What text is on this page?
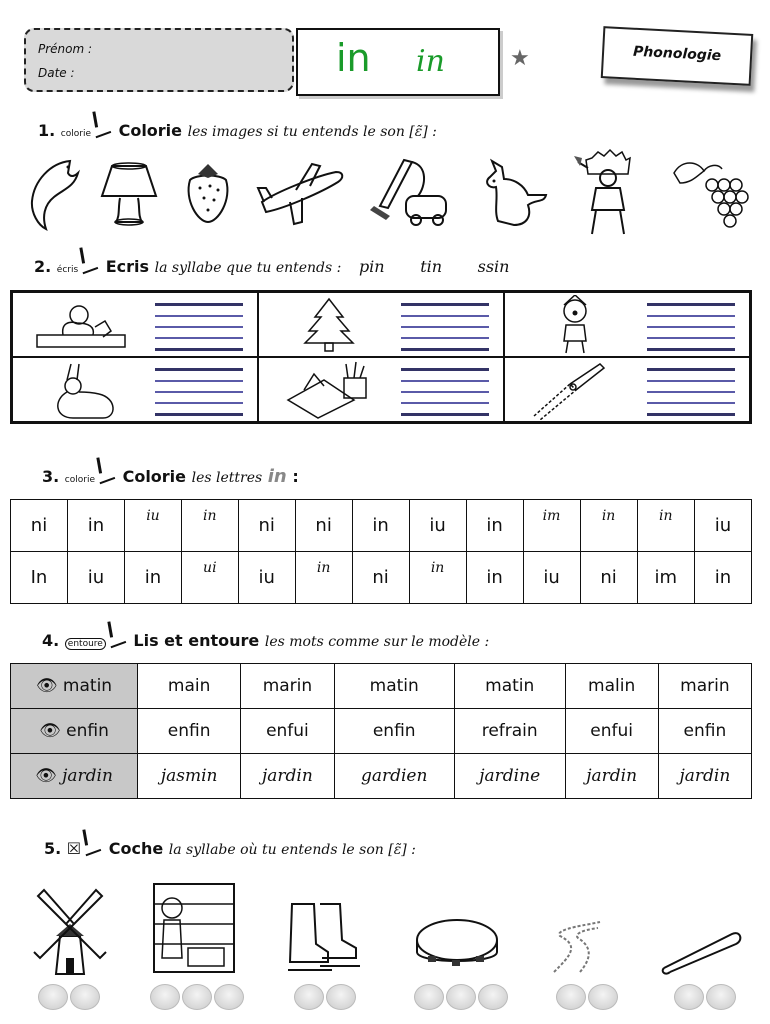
Prénom :
Date :	in in	★	Phonologie
1. colorie Colorie les images si tu entends le son [ɛ̃] :
2. écris Ecris la syllabe que tu entends : pin tin ssin
3. colorie Colorie les lettres in :
ni	in	iu	in	ni	ni	in	iu	in	im	in	in	iu
In	iu	in	ui	iu	in	ni	in	in	iu	ni	im	in
4. entoure Lis et entoure les mots comme sur le modèle :
👁 matin	main	marin	matin	matin	malin	marin
👁 enfin	enfin	enfui	enfin	refrain	enfui	enfin
👁 jardin	jasmin	jardin	gardien	jardine	jardin	jardin
5. ☒ Coche la syllabe où tu entends le son [ɛ̃] :
